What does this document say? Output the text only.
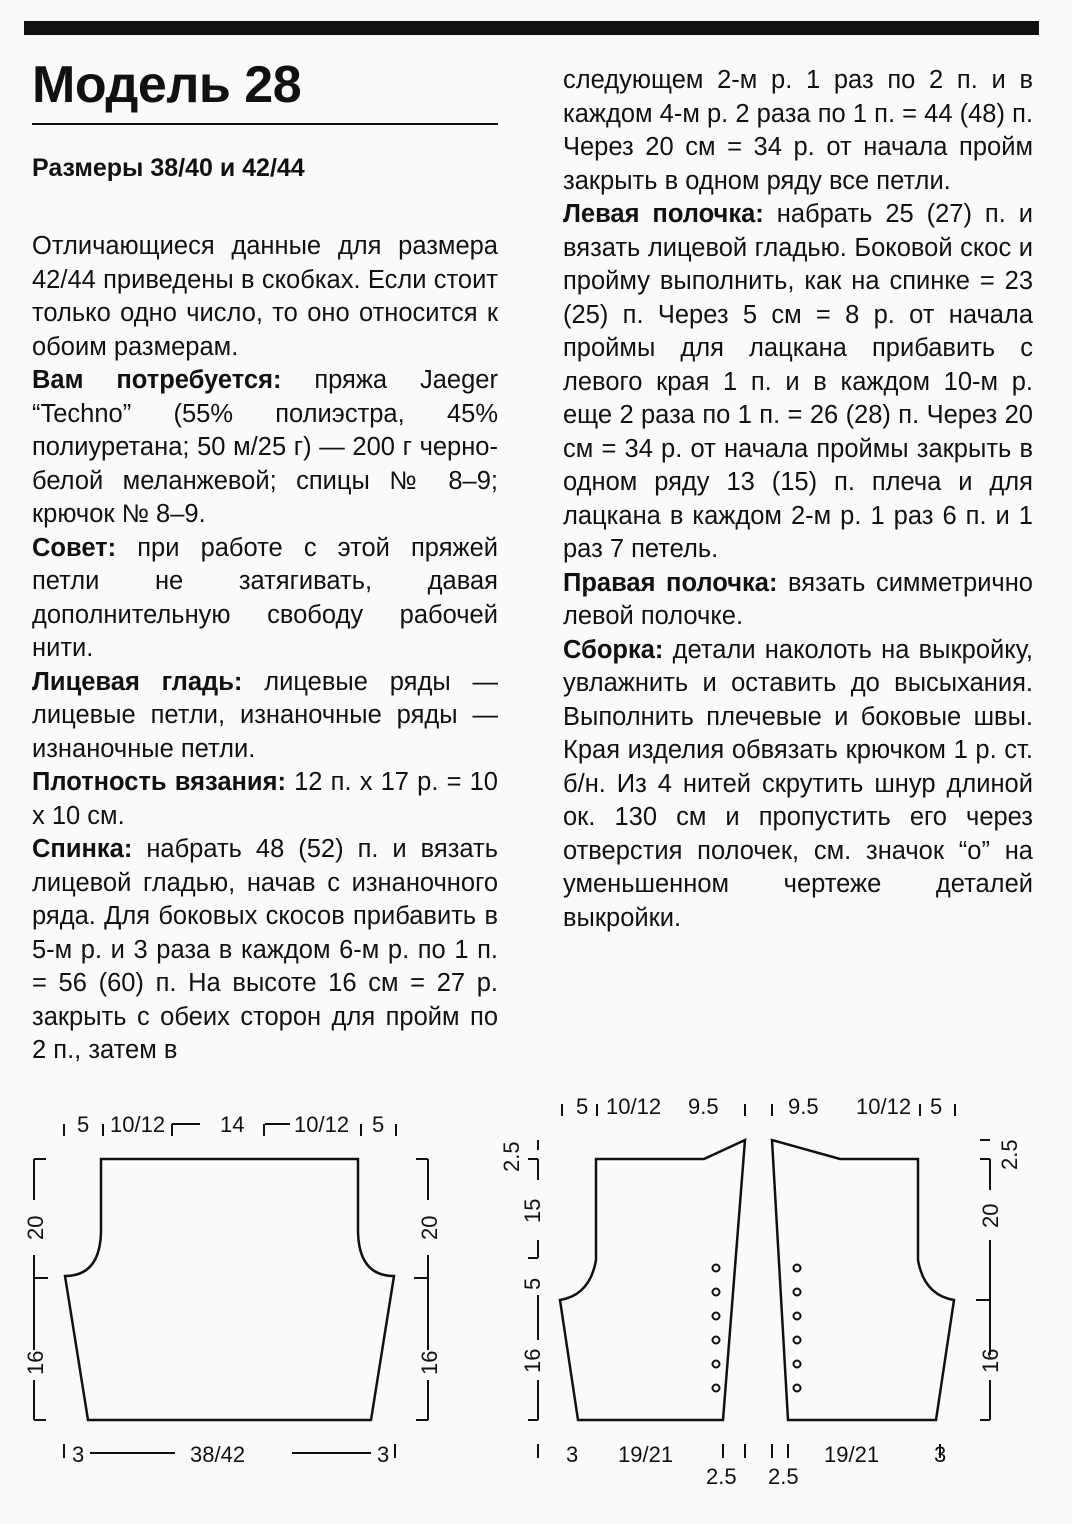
Модель 28

Размеры 38/40 и 42/44

Отличающиеся данные для размера 42/44 приведены в скобках. Если стоит только одно число, то оно относится к обоим размерам.

Вам потребуется: пряжа Jaeger “Techno” (55% полиэстра, 45% полиуретана; 50 м/25 г) — 200 г черно-белой меланжевой; спицы № 8–9; крючок № 8–9.

Совет: при работе с этой пряжей петли не затягивать, давая дополнительную свободу рабочей нити.

Лицевая гладь: лицевые ряды — лицевые петли, изнаночные ряды — изнаночные петли.

Плотность вязания: 12 п. х 17 р. = 10 х 10 см.

Спинка: набрать 48 (52) п. и вязать лицевой гладью, начав с изнаночного ряда. Для боковых скосов прибавить в 5-м р. и 3 раза в каждом 6-м р. по 1 п. = 56 (60) п. На высоте 16 см = 27 р. закрыть с обеих сторон для пройм по 2 п., затем в

следующем 2-м р. 1 раз по 2 п. и в каждом 4-м р. 2 раза по 1 п. = 44 (48) п. Через 20 см = 34 р. от начала пройм закрыть в одном ряду все петли.

Левая полочка: набрать 25 (27) п. и вязать лицевой гладью. Боковой скос и пройму выполнить, как на спинке = 23 (25) п. Через 5 см = 8 р. от начала проймы для лацкана прибавить с левого края 1 п. и в каждом 10-м р. еще 2 раза по 1 п. = 26 (28) п. Через 20 см = 34 р. от начала проймы закрыть в одном ряду 13 (15) п. плеча и для лацкана в каждом 2-м р. 1 раз 6 п. и 1 раз 7 петель.

Правая полочка: вязать симметрично левой полочке.

Сборка: детали наколоть на выкройку, увлажнить и оставить до высыхания. Выполнить плечевые и боковые швы. Края изделия обвязать крючком 1 р. ст. б/н. Из 4 нитей скрутить шнур длиной ок. 130 см и пропустить его через отверстия полочек, см. значок “о” на уменьшенном чертеже деталей выкройки.

5 10/12 14 10/12 5
20
16
20
16
3	38/42	3
5 10/12 9.5
2.5
15
5
16
3 19/21
2.5
9.5 10/12 5
2.5
20
16
2.5
19/21 3
